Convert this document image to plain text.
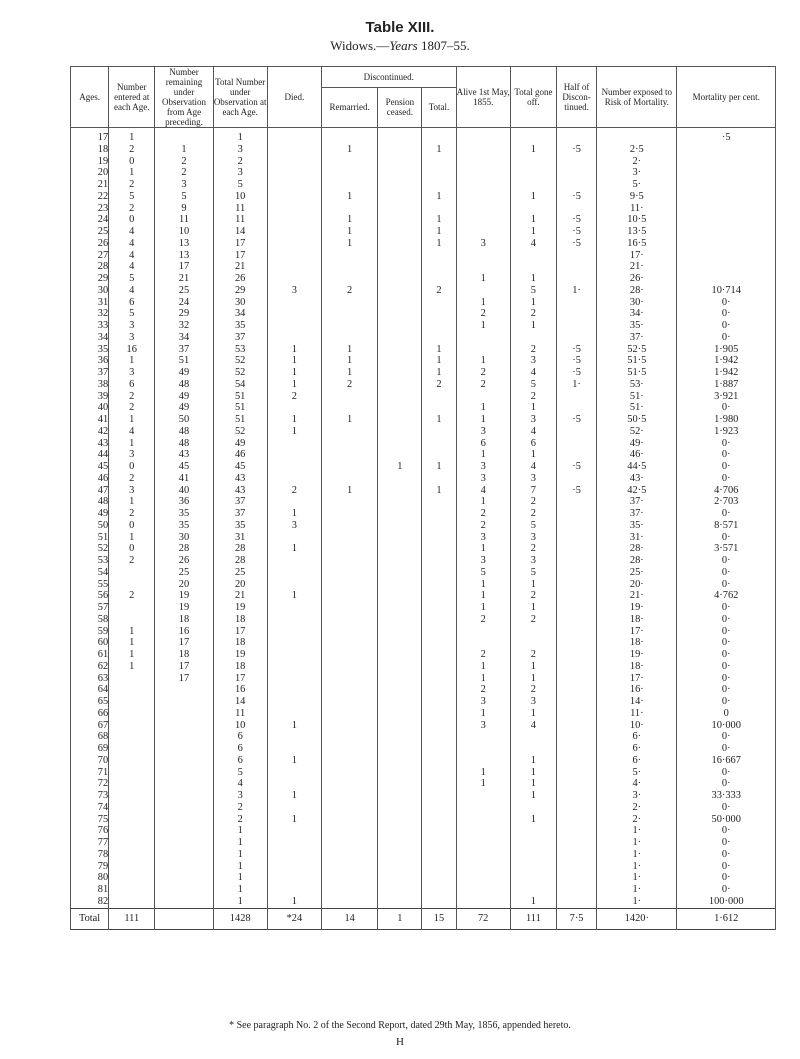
Table XIII.
Widows.—Years 1807–55.
Ages.	Number entered at each Age.	Number remaining under Observation from Age preceding.	Total Number under Observation at each Age.	Died.	Discontinued.			Alive 1st May, 1855.	Total gone off.	Half of Discon-tinued.	Number exposed to Risk of Mortality.	Mortality per cent.
					Remarried.	Pension ceased.	Total.					
17	1		1									·5
18	2	1	3		1		1		1	·5	2·5	
19	0	2	2								2·	
20	1	2	3								3·	
21	2	3	5								5·	
22	5	5	10		1		1		1	·5	9·5	
23	2	9	11								11·	
24	0	11	11		1		1		1	·5	10·5	
25	4	10	14		1		1		1	·5	13·5	
26	4	13	17		1		1	3	4	·5	16·5	
27	4	13	17								17·	
28	4	17	21								21·	
29	5	21	26					1	1		26·	
30	4	25	29	3	2		2		5	1·	28·	10·714
31	6	24	30					1	1		30·	0·
32	5	29	34					2	2		34·	0·
33	3	32	35					1	1		35·	0·
34	3	34	37								37·	0·
35	16	37	53	1	1		1		2	·5	52·5	1·905
36	1	51	52	1	1		1	1	3	·5	51·5	1·942
37	3	49	52	1	1		1	2	4	·5	51·5	1·942
38	6	48	54	1	2		2	2	5	1·	53·	1·887
39	2	49	51	2					2		51·	3·921
40	2	49	51					1	1		51·	0·
41	1	50	51	1	1		1	1	3	·5	50·5	1·980
42	4	48	52	1				3	4		52·	1·923
43	1	48	49					6	6		49·	0·
44	3	43	46					1	1		46·	0·
45	0	45	45			1	1	3	4	·5	44·5	0·
46	2	41	43					3	3		43·	0·
47	3	40	43	2	1		1	4	7	·5	42·5	4·706
48	1	36	37					1	2		37·	2·703
49	2	35	37	1				2	2		37·	0·
50	0	35	35	3				2	5		35·	8·571
51	1	30	31					3	3		31·	0·
52	0	28	28	1				1	2		28·	3·571
53	2	26	28					3	3		28·	0·
54		25	25					5	5		25·	0·
55		20	20					1	1		20·	0·
56	2	19	21	1				1	2		21·	4·762
57		19	19					1	1		19·	0·
58		18	18					2	2		18·	0·
59	1	16	17								17·	0·
60	1	17	18								18·	0·
61	1	18	19					2	2		19·	0·
62	1	17	18					1	1		18·	0·
63		17	17					1	1		17·	0·
64			16					2	2		16·	0·
65			14					3	3		14·	0·
66			11					1	1		11·	0
67			10	1				3	4		10·	10·000
68			6								6·	0·
69			6								6·	0·
70			6	1					1		6·	16·667
71			5					1	1		5·	0·
72			4					1	1		4·	0·
73			3	1					1		3·	33·333
74			2								2·	0·
75			2	1					1		2·	50·000
76			1								1·	0·
77			1								1·	0·
78			1								1·	0·
79			1								1·	0·
80			1								1·	0·
81			1								1·	0·
82			1	1					1		1·	100·000
Total	111		1428	*24	14	1	15	72	111	7·5	1420·	1·612
* See paragraph No. 2 of the Second Report, dated 29th May, 1856, appended hereto.
H
